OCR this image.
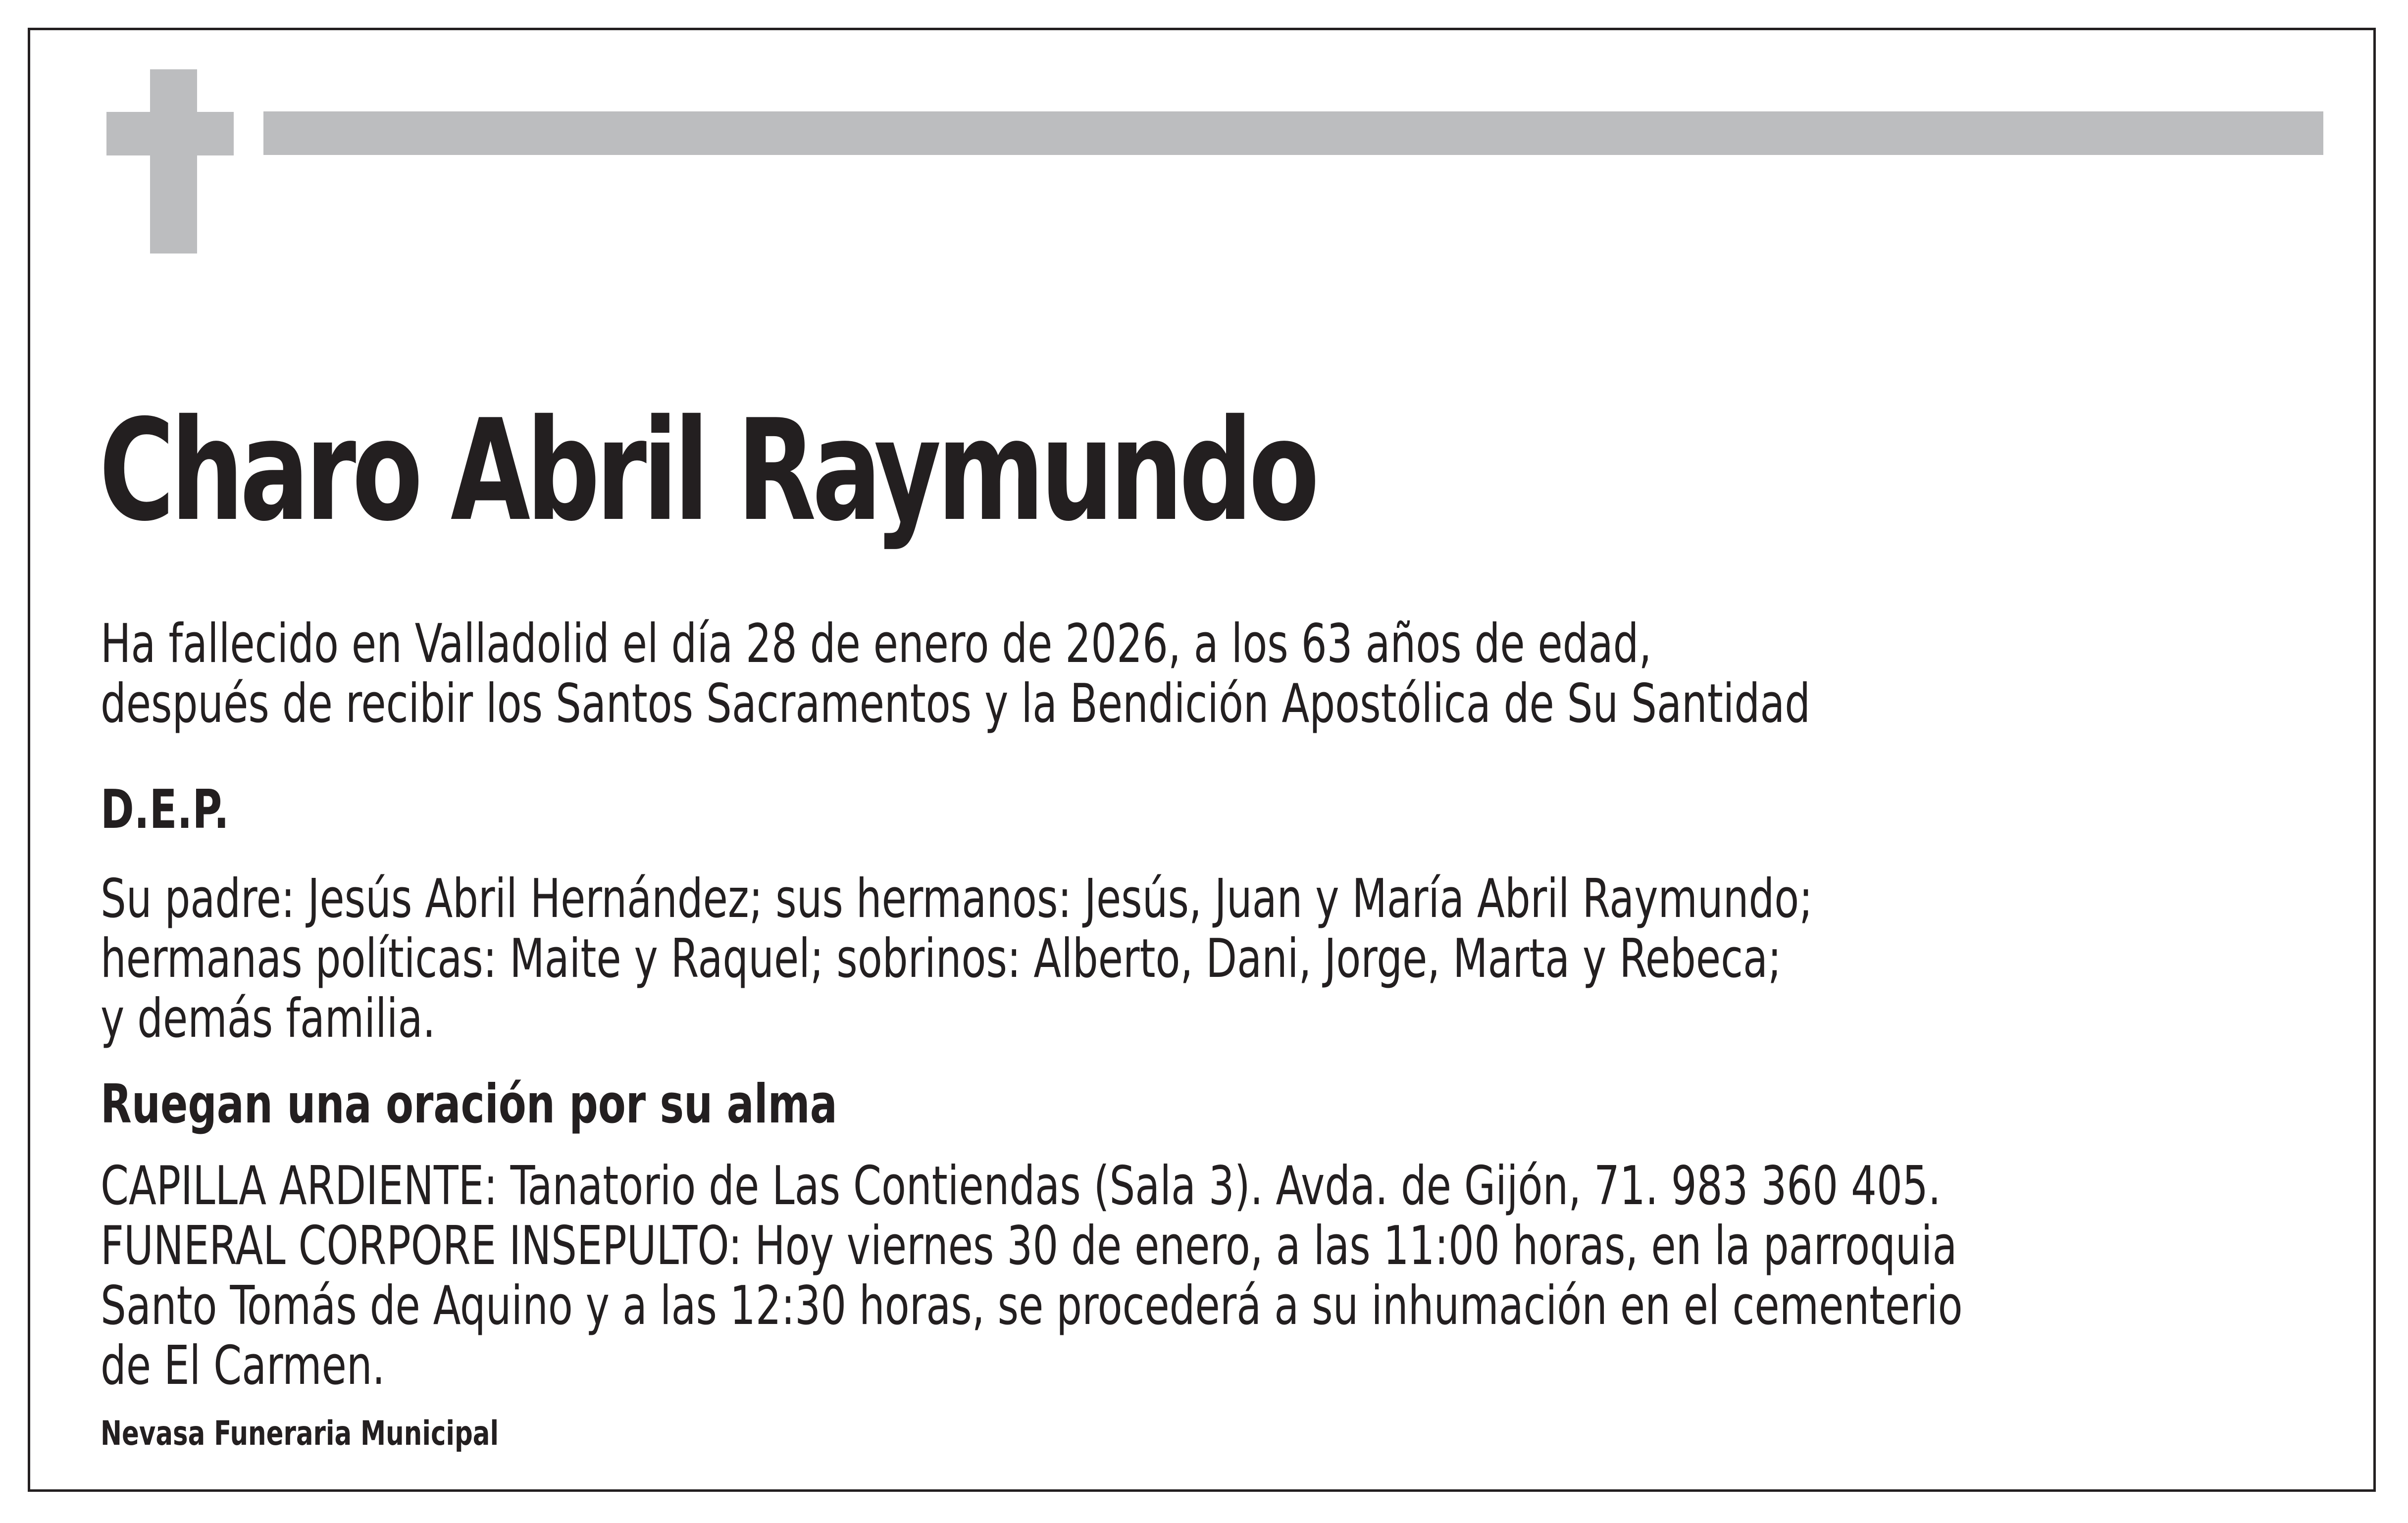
Charo Abril Raymundo
Ha fallecido en Valladolid el día 28 de enero de 2026, a los 63 años de edad,
después de recibir los Santos Sacramentos y la Bendición Apostólica de Su Santidad
D.E.P.
Su padre: Jesús Abril Hernández; sus hermanos: Jesús, Juan y María Abril Raymundo;
hermanas políticas: Maite y Raquel; sobrinos: Alberto, Dani, Jorge, Marta y Rebeca;
y demás familia.
Ruegan una oración por su alma
CAPILLA ARDIENTE: Tanatorio de Las Contiendas (Sala 3). Avda. de Gijón, 71. 983 360 405.
FUNERAL CORPORE INSEPULTO: Hoy viernes 30 de enero, a las 11:00 horas, en la parroquia
Santo Tomás de Aquino y a las 12:30 horas, se procederá a su inhumación en el cementerio
de El Carmen.
Nevasa Funeraria Municipal
